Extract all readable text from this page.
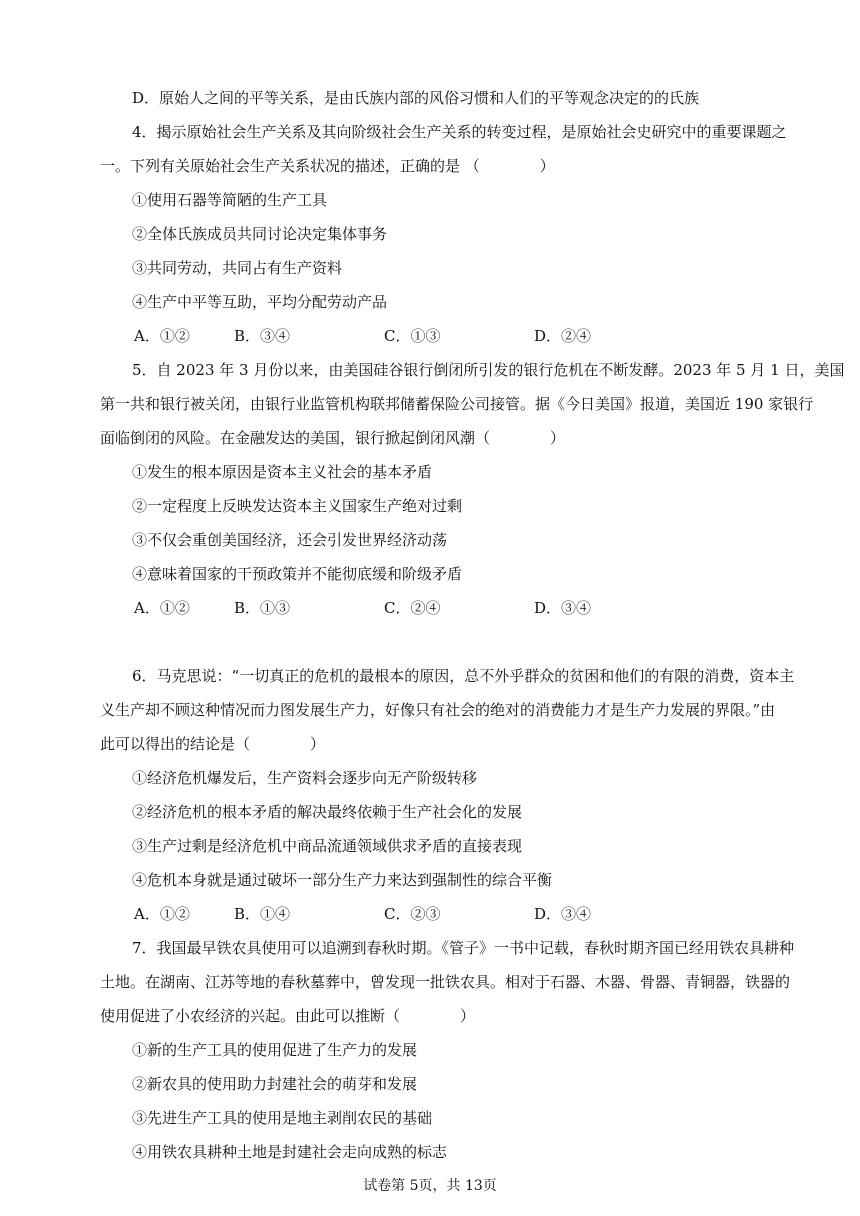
D．原始人之间的平等关系，是由氏族内部的风俗习惯和人们的平等观念决定的的氏族
4．揭示原始社会生产关系及其向阶级社会生产关系的转变过程，是原始社会史研究中的重要课题之
一。下列有关原始社会生产关系状况的描述，正确的是 （　　　　）
①使用石器等简陋的生产工具
②全体氏族成员共同讨论决定集体事务
③共同劳动，共同占有生产资料
④生产中平等互助，平均分配劳动产品
A．①②	B．③④	C．①③	D．②④
5．自 2023 年 3 月份以来，由美国硅谷银行倒闭所引发的银行危机在不断发酵。2023 年 5 月 1 日，美国
第一共和银行被关闭，由银行业监管机构联邦储蓄保险公司接管。据《今日美国》报道，美国近 190 家银行
面临倒闭的风险。在金融发达的美国，银行掀起倒闭风潮（　　　　）
①发生的根本原因是资本主义社会的基本矛盾
②一定程度上反映发达资本主义国家生产绝对过剩
③不仅会重创美国经济，还会引发世界经济动荡
④意味着国家的干预政策并不能彻底缓和阶级矛盾
A．①②	B．①③	C．②④	D．③④
6．马克思说：“一切真正的危机的最根本的原因，总不外乎群众的贫困和他们的有限的消费，资本主
义生产却不顾这种情况而力图发展生产力，好像只有社会的绝对的消费能力才是生产力发展的界限。”由
此可以得出的结论是（　　　　）
①经济危机爆发后，生产资料会逐步向无产阶级转移
②经济危机的根本矛盾的解决最终依赖于生产社会化的发展
③生产过剩是经济危机中商品流通领域供求矛盾的直接表现
④危机本身就是通过破坏一部分生产力来达到强制性的综合平衡
A．①②	B．①④	C．②③	D．③④
7．我国最早铁农具使用可以追溯到春秋时期。《管子》一书中记载，春秋时期齐国已经用铁农具耕种
土地。在湖南、江苏等地的春秋墓葬中，曾发现一批铁农具。相对于石器、木器、骨器、青铜器，铁器的
使用促进了小农经济的兴起。由此可以推断（　　　　）
①新的生产工具的使用促进了生产力的发展
②新农具的使用助力封建社会的萌芽和发展
③先进生产工具的使用是地主剥削农民的基础
④用铁农具耕种土地是封建社会走向成熟的标志
试卷第 5页，共 13页
